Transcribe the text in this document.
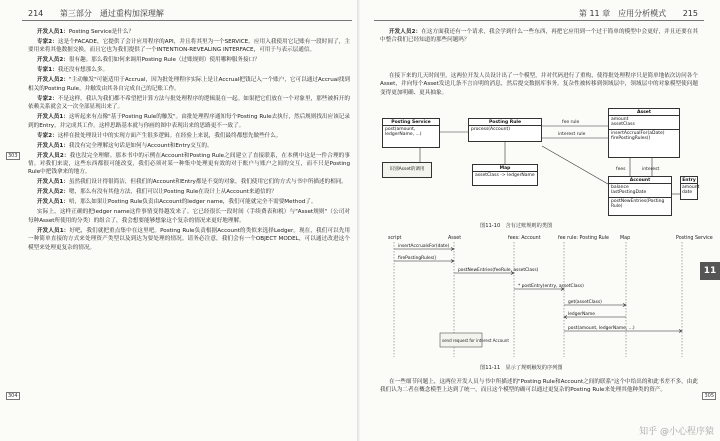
214 第三部分　通过重构加深理解

开发人员1：Posting Service是什么？

专家2：这是个FACADE，它提供了会计应用程序的API，并且将其里为一个SERVICE。应用入我使用它记账有一段时间了，主要用来将其他数据交换，而且它也为我们提供了一个INTENTION-REVEALING INTERFACE，可用于与表示层通信。

开发人员2：很有趣。那么我们如何来调用Posting Rule（过账规则）使用哪种服务接口？

专家1：我还没有想那么多。

开发人员2："主动触发"可能适用于Accrual，因为批处理程序实际上是让Accrual把钱记入一个账户，它可以通过Accrual找到相关的Posting Rule，并触发由其各自完成自己的记账工作。

专家2：不是这样。我认为我们都不希望把计算方法与批处理程序的逻辑混在一起。如果把它们放在一个对象里，那些被拆开的依赖关系就会又一次全部显现出来了。

开发人员1：这听起来有点像"基于Posting Rule的触发"。由批处理程序通知每个Posting Rule去执行，然后规则找出应该记录到的Entry，并完成其工作。这样思路基本就与你画的图中表现出来的思路更不一致了。

专家2：这样在批处理设计中的实现方面产生很多逻辑。在经验上来说，我们最终都想先做些什么。

开发人员1：我没有完全理解这句话是如何与Account和Entry交互的。

开发人员2：我也没完全理解。那本书中的示例在Account和Posting Rule之间建立了直接联系，在本例中这是一件合理的事情。对我们来说，这些东西都很可能改变，我们必须对某一种集中处理更有效的对于账户与账户之间的交互，而不只是Posting Rule中把钱拿来的地方。

开发人员1：虽然我们设计得很简洁，但我们的Account和Entry都是不变的对象，我们使用它们的方式与书中所描述的相同。

开发人员2：嗯，那么有没有其他方法，我们可以让Posting Rule在设计上从Account来通信的？

开发人员1：唔，那么如果让Posting Rule负责由Account的ledger name，我们可能就完全不需要Method了。

实际上，这样正确的把ledger name这件事情变得越发来了。它已经很长一段时间（手续费表和税）与"Asset规则"（公司对每种Asset所使用的分类）的组合了，我会想要能够想象这个复杂的情况来更好地理解。

开发人员1：好吧，我们就把重点集中在这里吧。Posting Rule负责根据Account的类似来选择Ledger。现在，我们可以先用一种简单直接的方式来处理资产类型以及到达为要处理的情况。请务必注意，我们会有一个OBJECT MODEL，可以通过改进这个模型来处理更复杂的情况。

303
304
第 11 章　应用分析模式 215

开发人员2：在这方面我还有一个请求，我会学到什么一些东西，再把它应用到一个过于简单的模型中会更好，并且还要在其中整合我们已经知道的那些问题吗？

在接下来的几天时间里，这两位开发人员设计出了一个模型，并对代码进行了重构，使得批处理程序只是简单地依次访问各个Asset，并向每个Asset发送几条不言自明的消息，然后提交数据库事务。复杂性被转移到领域层中，领域层中的对象模型使问题变得更加明确、更具抽象。

fee rule
interest rule
fees	interest
Posting Service
post(amount,
ledgerName, ...)
Posting Rule
process(Account)
Map
assetClass -> ledgerName
Asset
amount
assetClass
insertAccrualFor(aDate)
firePostingRules()
Account
balance
lastPostingDate
postNewEntries(Posting Rule)
Entry
amount
date
识别Asset的调用
图11-10　含有过账规则的类图
script	Asset	fees: Account	fee rule: Posting Rule Map	Posting Service
insertAccrualsFor(date)
firePostingRules()
postNewEntries(feeRule, assetClass)
* postEntry(entry, assetClass)
get(assetClass)
ledgerName
post(amount, ledgerName, ...)
send request for interest Account
图11-11　显示了规则触发的序列图

在一些细节问题上，这两位开发人员与书中所描述的"Posting Rule和Account之间的联系"这个中给出的和此书差不多，由此我们认为二者在概念模型上达到了统一，而且这个模型的确可以通过更复杂的Posting Rule来处理其他种类的资产。

11
305
知乎 @小心程序猿
